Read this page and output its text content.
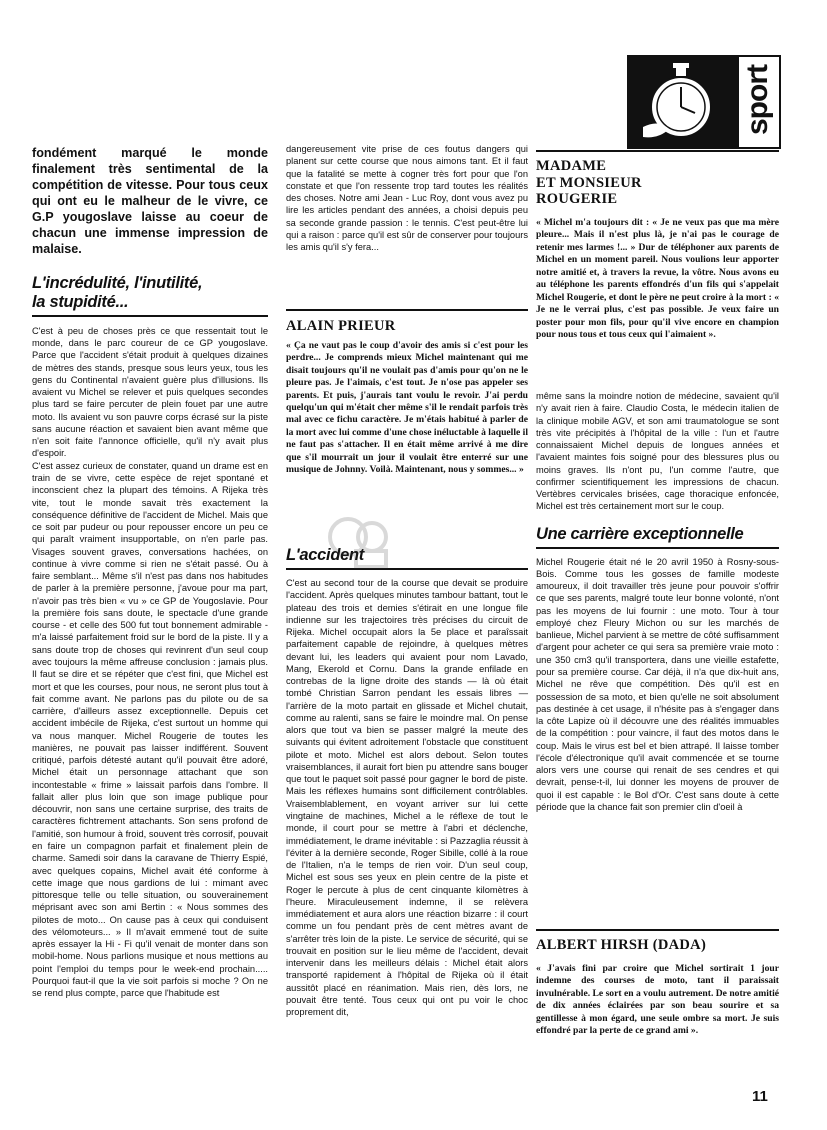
sport

fondément marqué le monde finalement très sentimental de la compétition de vitesse. Pour tous ceux qui ont eu le malheur de le vivre, ce G.P yougoslave laisse au coeur de chacun une immense impression de malaise.

L'incrédulité, l'inutilité,
la stupidité...

C'est à peu de choses près ce que ressentait tout le monde, dans le parc coureur de ce GP yougoslave. Parce que l'accident s'était produit à quelques dizaines de mètres des stands, presque sous leurs yeux, tous les gens du Continental n'avaient guère plus d'illusions. Ils avaient vu Michel se relever et puis quelques secondes plus tard se faire percuter de plein fouet par une autre moto. Ils avaient vu son pauvre corps écrasé sur la piste sans aucune réaction et savaient bien avant même que n'en soit faite l'annonce officielle, qu'il n'y avait plus d'espoir.
C'est assez curieux de constater, quand un drame est en train de se vivre, cette espèce de rejet spontané et inconscient chez la plupart des témoins. A Rijeka très vite, tout le monde savait très exactement la conséquence définitive de l'accident de Michel. Mais que ce soit par pudeur ou pour repousser encore un peu ce qui paraît vraiment insupportable, on n'en parle pas. Visages souvent graves, conversations hachées, on continue à vivre comme si rien ne s'était passé. Ou à faire semblant... Même s'il n'est pas dans nos habitudes de parler à la première personne, j'avoue pour ma part, n'avoir pas très bien « vu » ce GP de Yougoslavie. Pour la première fois sans doute, le spectacle d'une grande course - et celle des 500 fut tout bonnement admirable - m'a laissé parfaitement froid sur le bord de la piste. Il y a sans doute trop de choses qui revinrent d'un seul coup avec toujours la même affreuse conclusion : jamais plus. Il faut se dire et se répéter que c'est fini, que Michel est mort et que les courses, pour nous, ne seront plus tout à fait comme avant. Ne parlons pas du pilote ou de sa carrière, d'ailleurs assez exceptionnelle. Depuis cet accident imbécile de Rijeka, c'est surtout un homme qui va nous manquer. Michel Rougerie de toutes les manières, ne pouvait pas laisser indifférent. Souvent critiqué, parfois détesté autant qu'il pouvait être adoré, Michel était un personnage attachant que son incontestable « frime » laissait parfois dans l'ombre. Il fallait aller plus loin que son image publique pour découvrir, non sans une certaine surprise, des traits de caractères fichtrement attachants. Son sens profond de l'amitié, son humour à froid, souvent très corrosif, pouvait en faire un compagnon parfait et finalement plein de charme. Samedi soir dans la caravane de Thierry Espié, avec quelques copains, Michel avait été conforme à cette image que nous gardions de lui : mimant avec pittoresque telle ou telle situation, ou souverainement méprisant avec son ami Bertin : « Nous sommes des pilotes de moto... On cause pas à ceux qui conduisent des vélomoteurs... » Il m'avait emmené tout de suite après essayer la Hi - Fi qu'il venait de monter dans son mobil-home. Nous parlions musique et nous mettions au point l'emploi du temps pour le week-end prochain..... Pourquoi faut-il que la vie soit parfois si moche ? On ne se rend plus compte, parce que l'habitude est

dangereusement vite prise de ces foutus dangers qui planent sur cette course que nous aimons tant. Et il faut que la fatalité se mette à cogner très fort pour que l'on constate et que l'on ressente trop tard toutes les réalités des choses. Notre ami Jean - Luc Roy, dont vous avez pu lire les articles pendant des années, a choisi depuis peu sa seconde grande passion : le tennis. C'est peut-être lui qui a raison : parce qu'il est sûr de conserver pour toujours les amis qu'il s'y fera...

ALAIN PRIEUR

« Ça ne vaut pas le coup d'avoir des amis si c'est pour les perdre... Je comprends mieux Michel maintenant qui me disait toujours qu'il ne voulait pas d'amis pour qu'on ne le pleure pas. Je l'aimais, c'est tout. Je n'ose pas appeler ses parents. Et puis, j'aurais tant voulu le revoir. J'ai perdu quelqu'un qui m'était cher même s'il le rendait parfois très mal avec ce fichu caractère. Je m'étais habitué à parler de la mort avec lui comme d'une chose inéluctable à laquelle il ne faut pas s'attacher. Il en était même arrivé à me dire que s'il mourrait un jour il voulait être enterré sur une musique de Johnny. Voilà. Maintenant, nous y sommes... »

L'accident

C'est au second tour de la course que devait se produire l'accident. Après quelques minutes tambour battant, tout le plateau des trois et demies s'étirait en une longue file indienne sur les trajectoires très précises du circuit de Rijeka. Michel occupait alors la 5e place et paraîssait parfaitement capable de rejoindre, à quelques mètres devant lui, les leaders qui avaient pour nom Lavado, Mang, Ekerold et Cornu. Dans la grande enfilade en contrebas de la ligne droite des stands — là où était tombé Christian Sarron pendant les essais libres — l'arrière de la moto partait en glissade et Michel chutait, comme au ralenti, sans se faire le moindre mal. On pense alors que tout va bien se passer malgré la meute des suivants qui évitent adroitement l'obstacle que constituent pilote et moto. Michel est alors debout. Selon toutes vraisemblances, il aurait fort bien pu attendre sans bouger que tout le paquet soit passé pour gagner le bord de piste. Mais les réflexes humains sont difficilement contrôlables. Vraisemblablement, en voyant arriver sur lui cette vingtaine de machines, Michel a le réflexe de tout le monde, il court pour se mettre à l'abri et déclenche, immédiatement, le drame inévitable : si Pazzaglia réussit à l'éviter à la dernière seconde, Roger Sibille, collé à la roue de l'Italien, n'a le temps de rien voir. D'un seul coup, Michel est sous ses yeux en plein centre de la piste et Roger le percute à plus de cent cinquante kilomètres à l'heure. Miraculeusement indemne, il se relèvera immédiatement et aura alors une réaction bizarre : il court comme un fou pendant près de cent mètres avant de s'arrêter très loin de la piste. Le service de sécurité, qui se trouvait en position sur le lieu même de l'accident, devait intervenir dans les meilleurs délais : Michel était alors transporté rapidement à l'hôpital de Rijeka où il était aussitôt placé en réanimation. Mais rien, dès lors, ne pouvait être tenté. Tous ceux qui ont pu voir le choc proprement dit,

MADAME
ET MONSIEUR
ROUGERIE

« Michel m'a toujours dit : « Je ne veux pas que ma mère pleure... Mais il n'est plus là, je n'ai pas le courage de retenir mes larmes !... » Dur de téléphoner aux parents de Michel en un moment pareil. Nous voulions leur apporter notre amitié et, à travers la revue, la vôtre. Nous avons eu au téléphone les parents effondrés d'un fils qui s'appelait Michel Rougerie, et dont le père ne peut croire à la mort : « Je ne le verrai plus, c'est pas possible. Je veux faire un poster pour mon fils, pour qu'il vive encore en champion pour nous tous et tous ceux qui l'aimaient ».

même sans la moindre notion de médecine, savaient qu'il n'y avait rien à faire. Claudio Costa, le médecin italien de la clinique mobile AGV, et son ami traumatologue se sont très vite précipités à l'hôpital de la ville : l'un et l'autre connaissaient Michel depuis de longues années et l'avaient maintes fois soigné pour des blessures plus ou moins graves. Ils n'ont pu, l'un comme l'autre, que confirmer scientifiquement les impressions de chacun. Vertèbres cervicales brisées, cage thoracique enfoncée, Michel est très certainement mort sur le coup.

Une carrière exceptionnelle

Michel Rougerie était né le 20 avril 1950 à Rosny-sous-Bois. Comme tous les gosses de famille modeste amoureux, il doit travailler très jeune pour pouvoir s'offrir ce que ses parents, malgré toute leur bonne volonté, n'ont pas les moyens de lui fournir : une moto. Tour à tour employé chez Fleury Michon ou sur les marchés de banlieue, Michel parvient à se mettre de côté suffisamment d'argent pour acheter ce qui sera sa première vraie moto : une 350 cm3 qu'il transportera, dans une vieille estafette, pour sa première course. Car déjà, il n'a que dix-huit ans, Michel ne rêve que compétition. Dès qu'il est en possession de sa moto, et bien qu'elle ne soit absolument pas destinée à cet usage, il n'hésite pas à s'engager dans la côte Lapize où il découvre une des réalités immuables de la compétition : pour vaincre, il faut des motos dans le coup. Mais le virus est bel et bien attrapé. Il laisse tomber l'école d'électronique qu'il avait commencée et se tourne alors vers une course qui renait de ses cendres et qui devrait, pense-t-il, lui donner les moyens de prouver de quoi il est capable : le Bol d'Or. C'est sans doute à cette période que la chance fait son premier clin d'oeil à

ALBERT HIRSH (DADA)

« J'avais fini par croire que Michel sortirait 1 jour indemne des courses de moto, tant il paraissait invulnérable. Le sort en a voulu autrement. De notre amitié de dix années éclairées par son beau sourire et sa gentillesse à mon égard, une seule ombre sa mort. Je suis effondré par la perte de ce grand ami ».

11
